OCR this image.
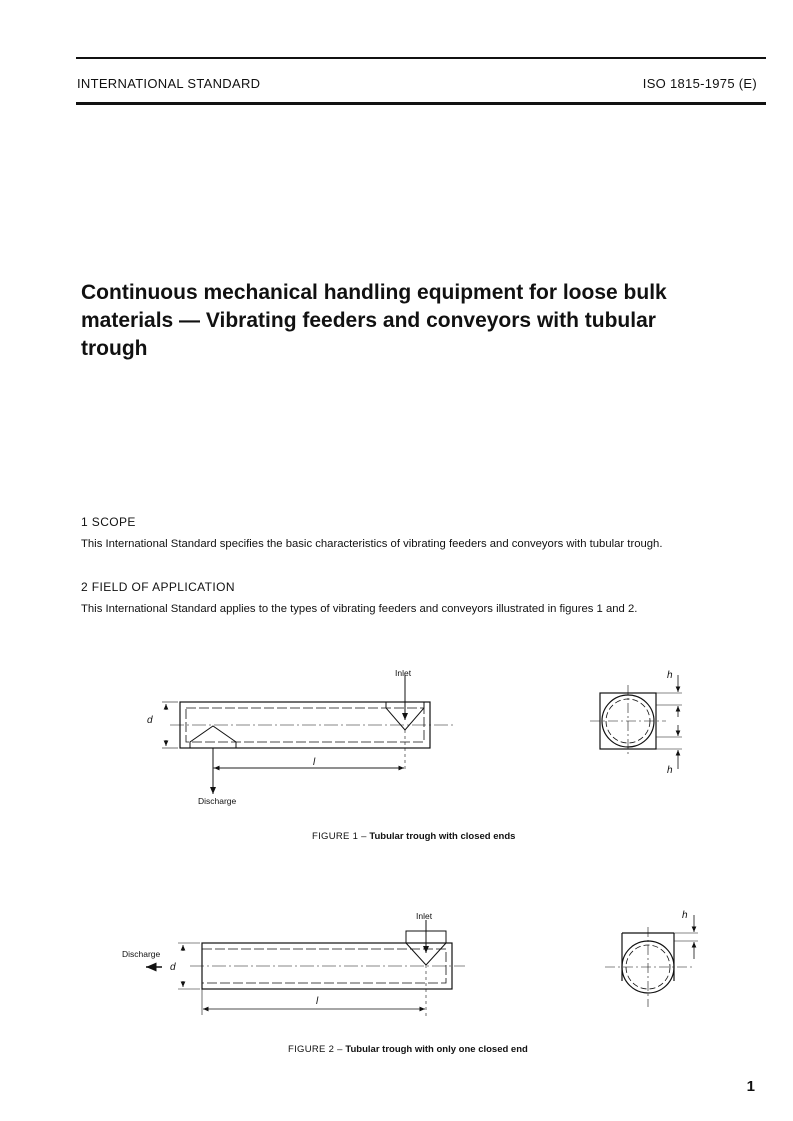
INTERNATIONAL STANDARD	ISO 1815-1975 (E)
Continuous mechanical handling equipment for loose bulk materials — Vibrating feeders and conveyors with tubular trough

1 SCOPE

This International Standard specifies the basic characteristics of vibrating feeders and conveyors with tubular trough.

2 FIELD OF APPLICATION

This International Standard applies to the types of vibrating feeders and conveyors illustrated in figures 1 and 2.

Inlet
Discharge
d
l
h
h
FIGURE 1 – Tubular trough with closed ends
Inlet
Discharge
d
l
h
FIGURE 2 – Tubular trough with only one closed end
1
